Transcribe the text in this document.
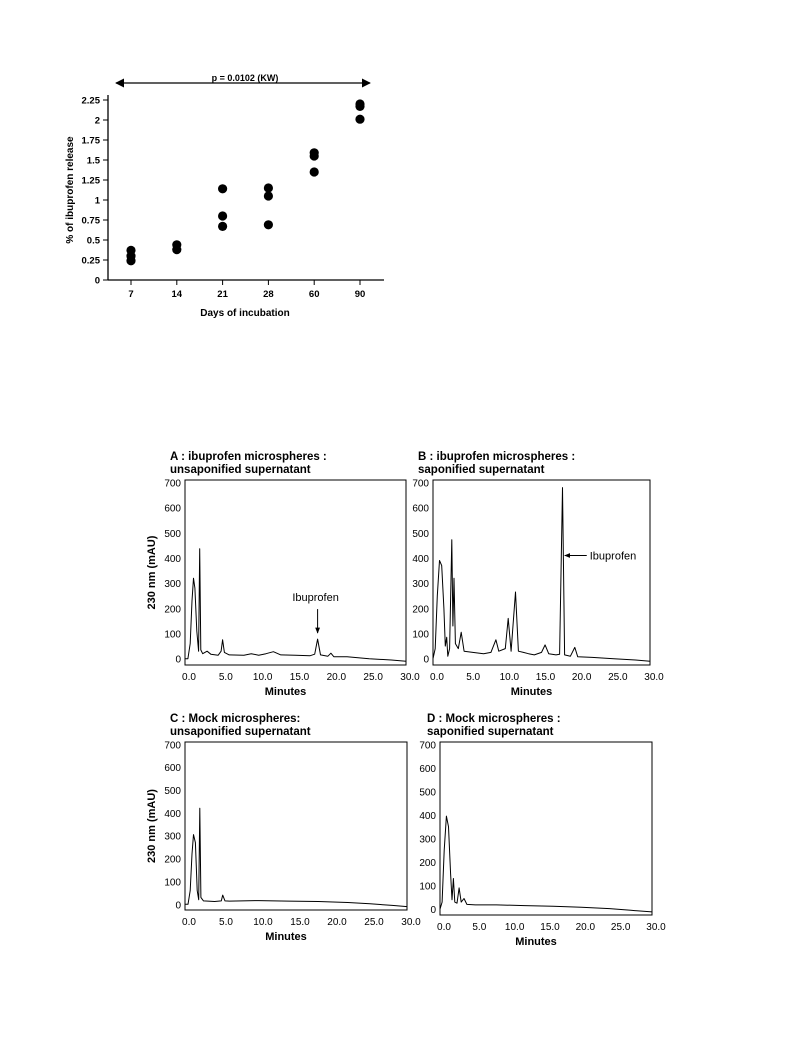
0
0.25
0.5
0.75
1
1.25
1.5
1.75
2
2.25
7	14	21	28	60	90
Days of incubation
% of ibuprofen release
p = 0.0102 (KW)
A : ibuprofen microspheres :
unsaponified supernatant
0
100
200
300
400
500
600
700
0.0 5.0 10.0 15.0 20.0 25.0 30.0
Minutes
230 nm (mAU)	Ibuprofen
B : ibuprofen microspheres :
saponified supernatant
0
100
200
300
400
500
600
700
0.0 5.0 10.0 15.0 20.0 25.0 30.0
Minutes
Ibuprofen
C : Mock microspheres:
unsaponified supernatant
0
100
200
300
400
500
600
700
0.0 5.0 10.0 15.0 20.0 25.0 30.0
Minutes
230 nm (mAU)
D : Mock microspheres :
saponified supernatant
0
100
200
300
400
500
600
700
0.0 5.0 10.0 15.0 20.0 25.0 30.0
Minutes
